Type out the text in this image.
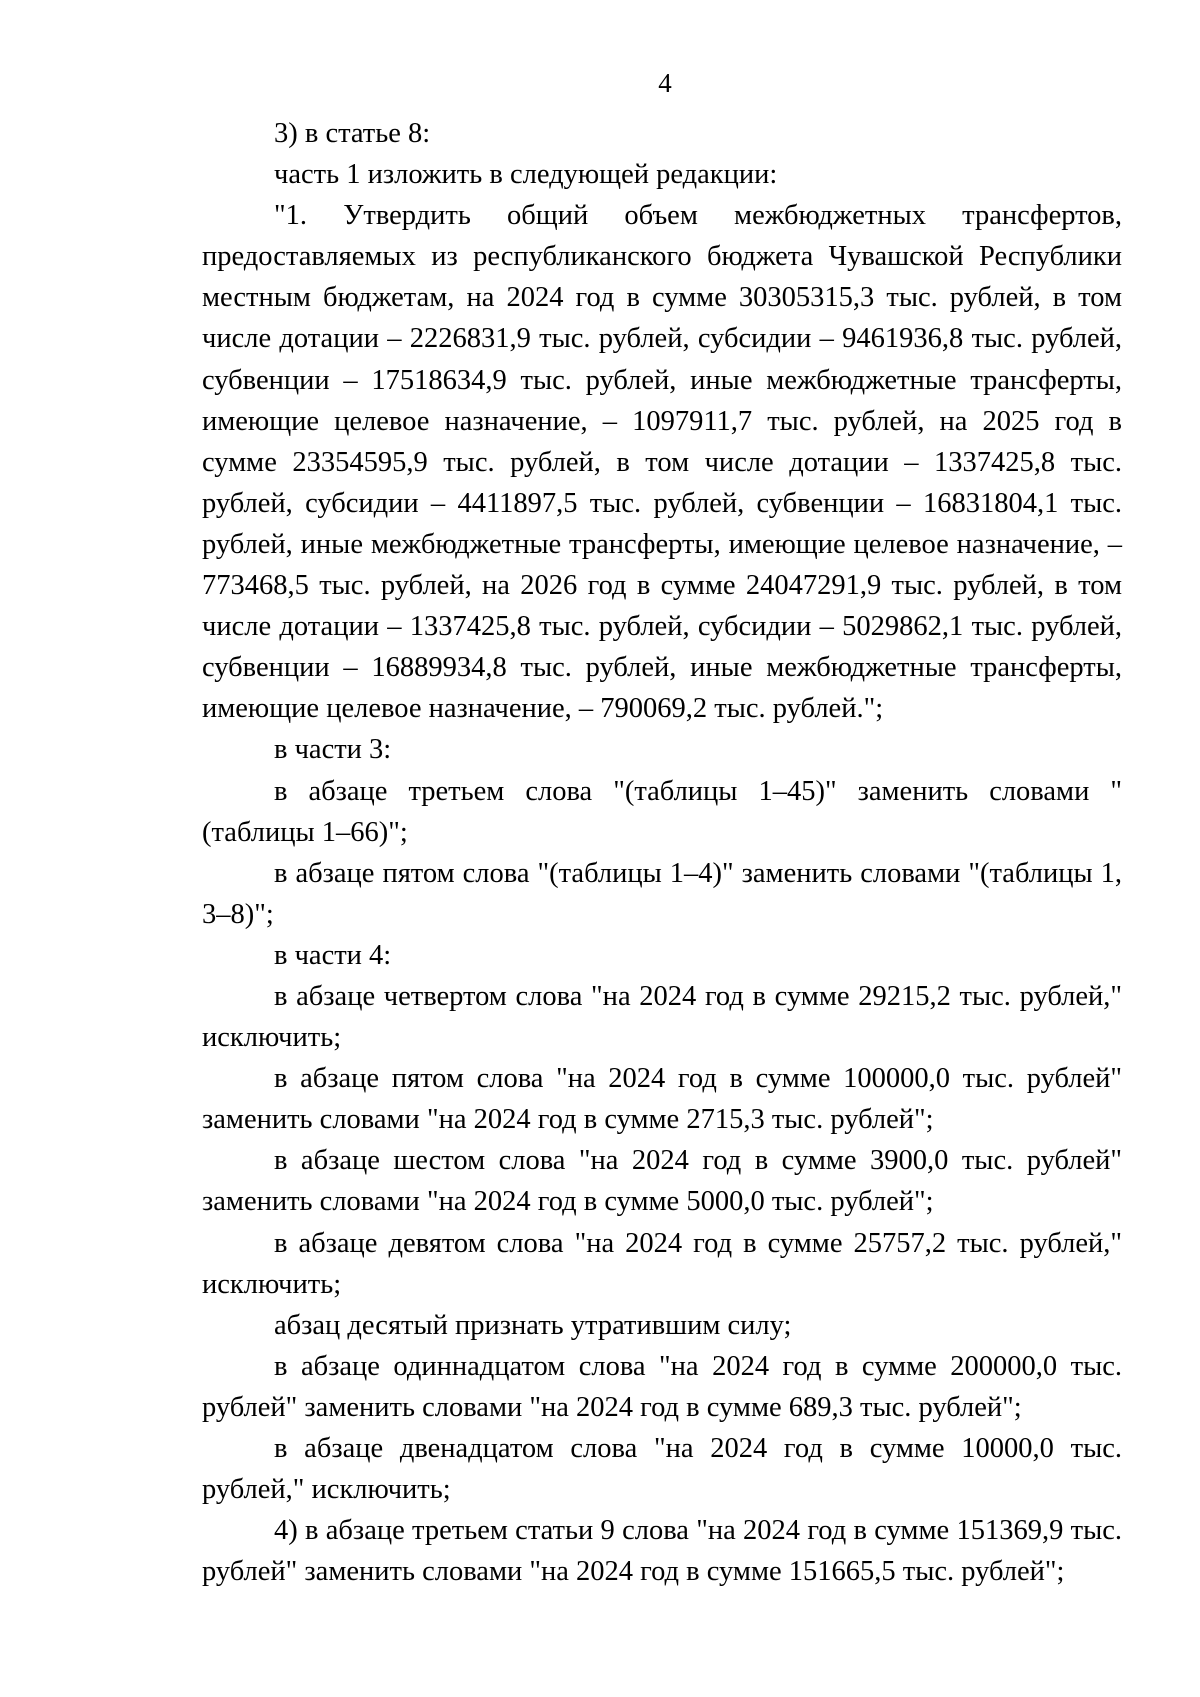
4

3) в статье 8:

часть 1 изложить в следующей редакции:

"1. Утвердить общий объем межбюджетных трансфертов, предоставляемых из республиканского бюджета Чувашской Республики местным бюджетам, на 2024 год в сумме 30305315,3 тыс. рублей, в том числе дотации – 2226831,9 тыс. рублей, субсидии – 9461936,8 тыс. рублей, субвенции – 17518634,9 тыс. рублей, иные межбюджетные трансферты, имеющие целевое назначение, – 1097911,7 тыс. рублей, на 2025 год в сумме 23354595,9 тыс. рублей, в том числе дотации – 1337425,8 тыс. рублей, субсидии – 4411897,5 тыс. рублей, субвенции – 16831804,1 тыс. рублей, иные межбюджетные трансферты, имеющие целевое назначение, – 773468,5 тыс. рублей, на 2026 год в сумме 24047291,9 тыс. рублей, в том числе дотации – 1337425,8 тыс. рублей, субсидии – 5029862,1 тыс. рублей, субвенции – 16889934,8 тыс. рублей, иные межбюджетные трансферты, имеющие целевое назначение, – 790069,2 тыс. рублей.";

в части 3:

в абзаце третьем слова "(таблицы 1–45)" заменить словами "(таблицы 1–66)";

в абзаце пятом слова "(таблицы 1–4)" заменить словами "(таблицы 1, 3–8)";

в части 4:

в абзаце четвертом слова "на 2024 год в сумме 29215,2 тыс. рублей," исключить;

в абзаце пятом слова "на 2024 год в сумме 100000,0 тыс. рублей" заменить словами "на 2024 год в сумме 2715,3 тыс. рублей";

в абзаце шестом слова "на 2024 год в сумме 3900,0 тыс. рублей" заменить словами "на 2024 год в сумме 5000,0 тыс. рублей";

в абзаце девятом слова "на 2024 год в сумме 25757,2 тыс. рублей," исключить;

абзац десятый признать утратившим силу;

в абзаце одиннадцатом слова "на 2024 год в сумме 200000,0 тыс. рублей" заменить словами "на 2024 год в сумме 689,3 тыс. рублей";

в абзаце двенадцатом слова "на 2024 год в сумме 10000,0 тыс. рублей," исключить;

4) в абзаце третьем статьи 9 слова "на 2024 год в сумме 151369,9 тыс. рублей" заменить словами "на 2024 год в сумме 151665,5 тыс. рублей";
